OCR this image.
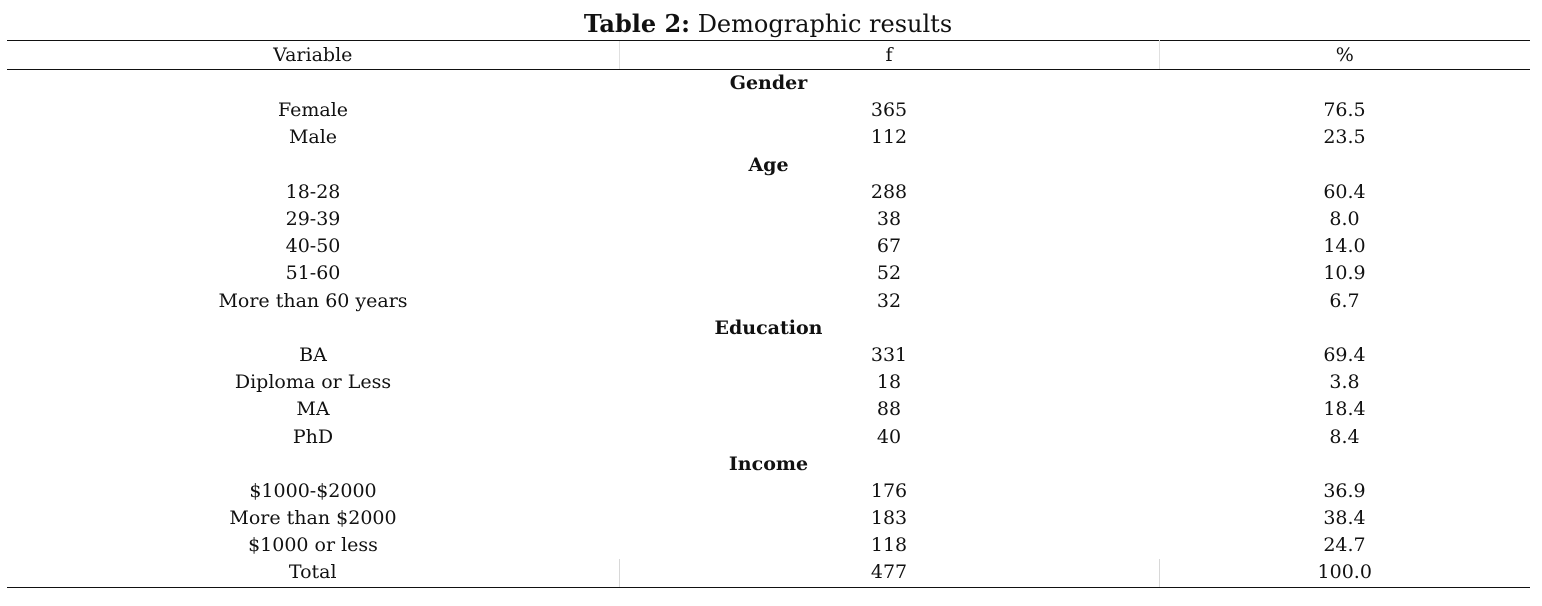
Table 2: Demographic results
Variable	f	%
Gender		
Female	365	76.5
Male	112	23.5
Age		
18-28	288	60.4
29-39	38	8.0
40-50	67	14.0
51-60	52	10.9
More than 60 years	32	6.7
Education		
BA	331	69.4
Diploma or Less	18	3.8
MA	88	18.4
PhD	40	8.4
Income		
$1000-$2000	176	36.9
More than $2000	183	38.4
$1000 or less	118	24.7
Total	477	100.0
